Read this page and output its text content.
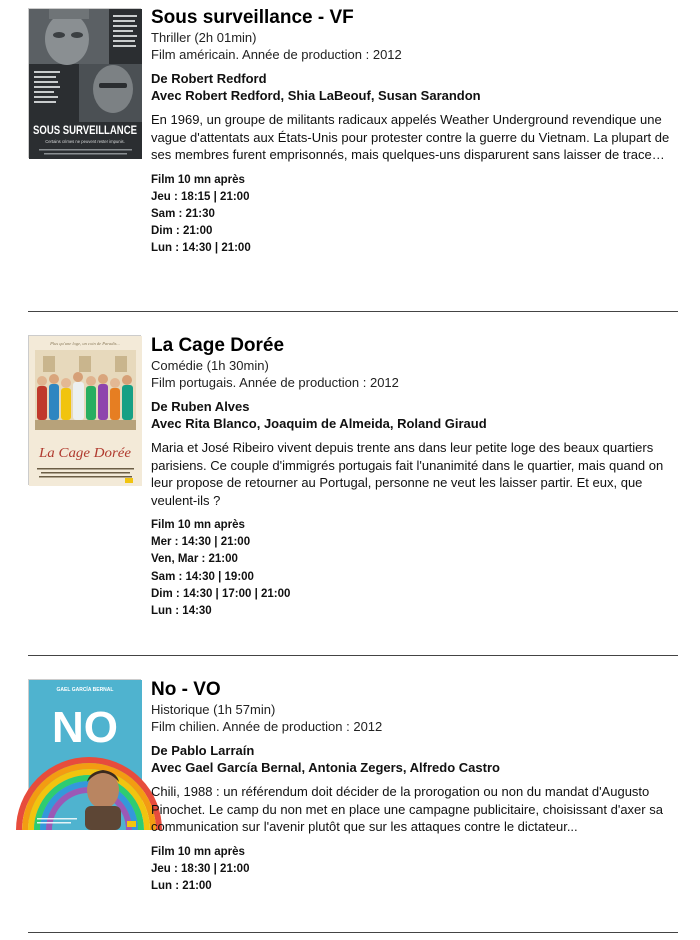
SOUS SURVEILLANCE
Certains crimes ne peuvent rester impunis.
Sous surveillance - VF
Thriller (2h 01min)
Film américain. Année de production : 2012
De Robert Redford
Avec Robert Redford, Shia LaBeouf, Susan Sarandon
En 1969, un groupe de militants radicaux appelés Weather Underground revendique une vague d'attentats aux États-Unis pour protester contre la guerre du Vietnam. La plupart de ses membres furent emprisonnés, mais quelques-uns disparurent sans laisser de trace…
Film 10 mn après
Jeu : 18:15 | 21:00
Sam : 21:30
Dim : 21:00
Lun : 14:30 | 21:00
Plus qu'une loge, un coin de Paradis...
La Cage Dorée
La Cage Dorée
Comédie (1h 30min)
Film portugais. Année de production : 2012
De Ruben Alves
Avec Rita Blanco, Joaquim de Almeida, Roland Giraud
Maria et José Ribeiro vivent depuis trente ans dans leur petite loge des beaux quartiers parisiens. Ce couple d'immigrés portugais fait l'unanimité dans le quartier, mais quand on leur propose de retourner au Portugal, personne ne veut les laisser partir. Et eux, que veulent-ils ?
Film 10 mn après
Mer : 14:30 | 21:00
Ven, Mar : 21:00
Sam : 14:30 | 19:00
Dim : 14:30 | 17:00 | 21:00
Lun : 14:30
GAEL GARCÍA BERNAL
NO
No - VO
Historique (1h 57min)
Film chilien. Année de production : 2012
De Pablo Larraín
Avec Gael García Bernal, Antonia Zegers, Alfredo Castro
Chili, 1988 : un référendum doit décider de la prorogation ou non du mandat d'Augusto Pinochet. Le camp du non met en place une campagne publicitaire, choisissant d'axer sa communication sur l'avenir plutôt que sur les attaques contre le dictateur...
Film 10 mn après
Jeu : 18:30 | 21:00
Lun : 21:00
